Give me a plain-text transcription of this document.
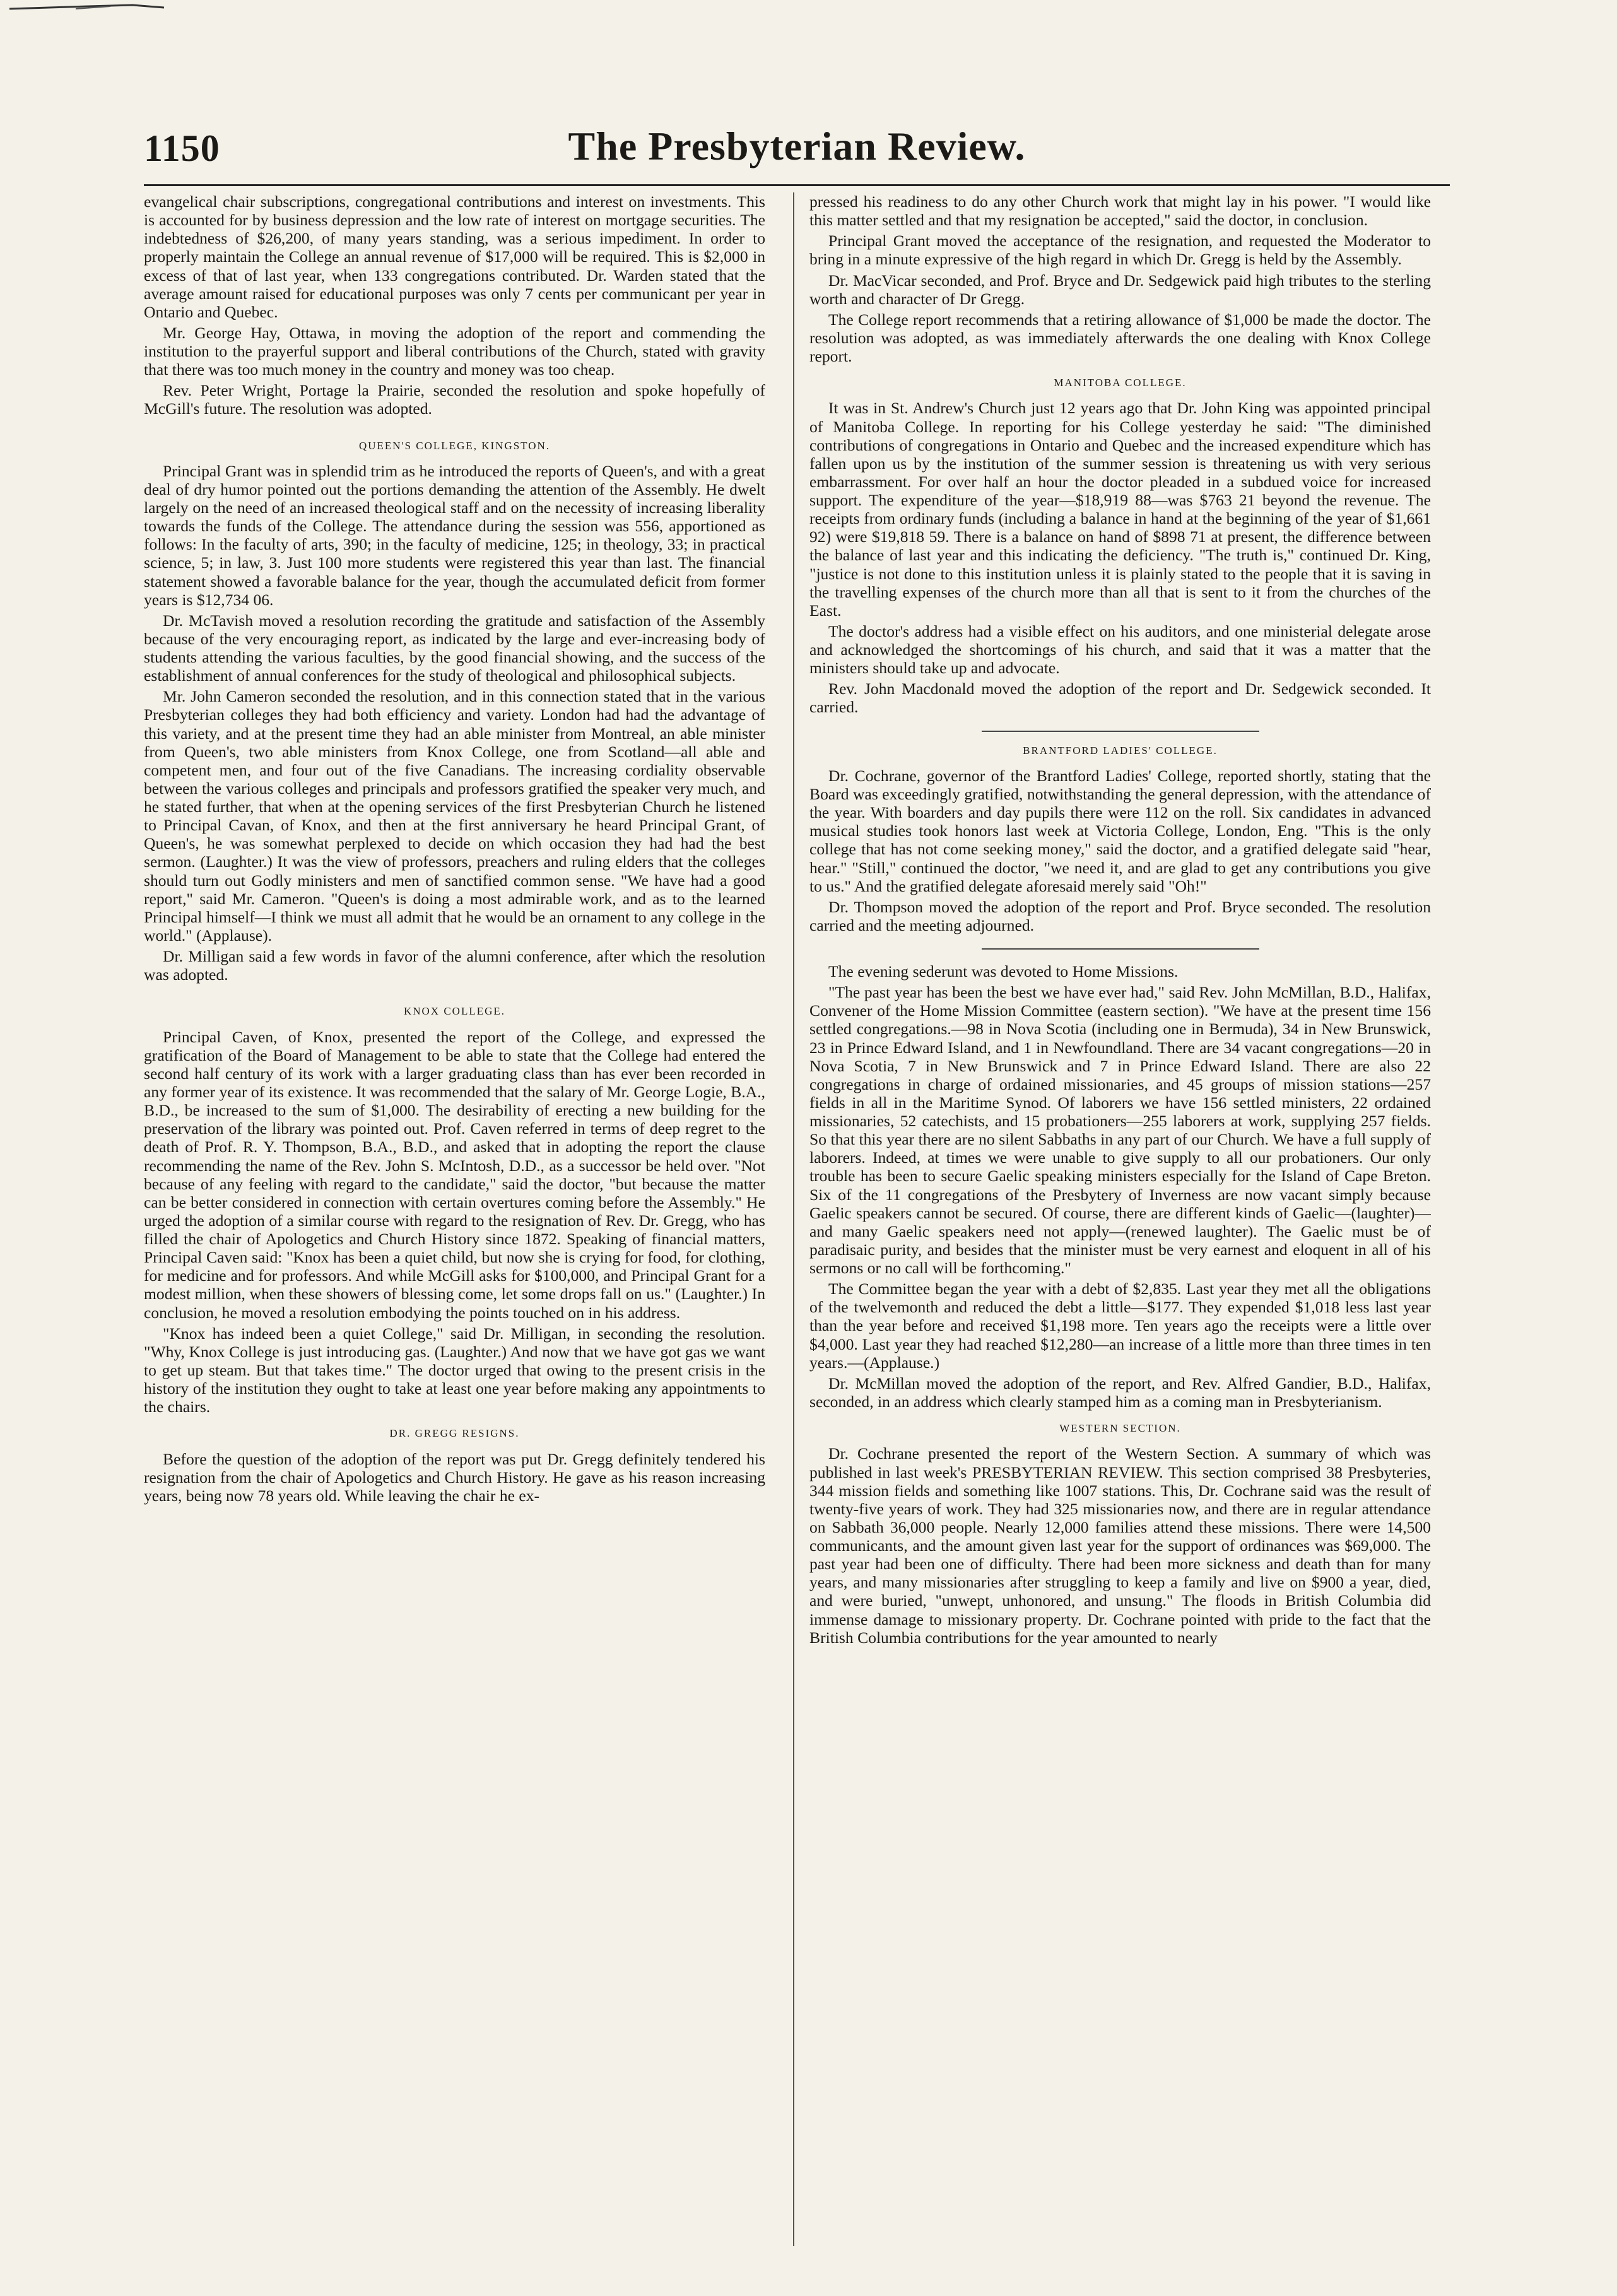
1150	The Presbyterian Review.

evangelical chair subscriptions, congregational contributions and interest on investments. This is accounted for by business depression and the low rate of interest on mortgage securities. The indebtedness of $26,200, of many years standing, was a serious impediment. In order to properly maintain the College an annual revenue of $17,000 will be required. This is $2,000 in excess of that of last year, when 133 congregations contributed. Dr. Warden stated that the average amount raised for educational purposes was only 7 cents per communicant per year in Ontario and Quebec.

Mr. George Hay, Ottawa, in moving the adoption of the report and commending the institution to the prayerful support and liberal contributions of the Church, stated with gravity that there was too much money in the country and money was too cheap.

Rev. Peter Wright, Portage la Prairie, seconded the resolution and spoke hopefully of McGill's future. The resolution was adopted.

QUEEN'S COLLEGE, KINGSTON.

Principal Grant was in splendid trim as he introduced the reports of Queen's, and with a great deal of dry humor pointed out the portions demanding the attention of the Assembly. He dwelt largely on the need of an increased theological staff and on the necessity of increasing liberality towards the funds of the College. The attendance during the session was 556, apportioned as follows: In the faculty of arts, 390; in the faculty of medicine, 125; in theology, 33; in practical science, 5; in law, 3. Just 100 more students were registered this year than last. The financial statement showed a favorable balance for the year, though the accumulated deficit from former years is $12,734 06.

Dr. McTavish moved a resolution recording the gratitude and satisfaction of the Assembly because of the very encouraging report, as indicated by the large and ever-increasing body of students attending the various faculties, by the good financial showing, and the success of the establishment of annual conferences for the study of theological and philosophical subjects.

Mr. John Cameron seconded the resolution, and in this connection stated that in the various Presbyterian colleges they had both efficiency and variety. London had had the advantage of this variety, and at the present time they had an able minister from Montreal, an able minister from Queen's, two able ministers from Knox College, one from Scotland—all able and competent men, and four out of the five Canadians. The increasing cordiality observable between the various colleges and principals and professors gratified the speaker very much, and he stated further, that when at the opening services of the first Presbyterian Church he listened to Principal Cavan, of Knox, and then at the first anniversary he heard Principal Grant, of Queen's, he was somewhat perplexed to decide on which occasion they had had the best sermon. (Laughter.) It was the view of professors, preachers and ruling elders that the colleges should turn out Godly ministers and men of sanctified common sense. "We have had a good report," said Mr. Cameron. "Queen's is doing a most admirable work, and as to the learned Principal himself—I think we must all admit that he would be an ornament to any college in the world." (Applause).

Dr. Milligan said a few words in favor of the alumni conference, after which the resolution was adopted.

KNOX COLLEGE.

Principal Caven, of Knox, presented the report of the College, and expressed the gratification of the Board of Management to be able to state that the College had entered the second half century of its work with a larger graduating class than has ever been recorded in any former year of its existence. It was recommended that the salary of Mr. George Logie, B.A., B.D., be increased to the sum of $1,000. The desirability of erecting a new building for the preservation of the library was pointed out. Prof. Caven referred in terms of deep regret to the death of Prof. R. Y. Thompson, B.A., B.D., and asked that in adopting the report the clause recommending the name of the Rev. John S. McIntosh, D.D., as a successor be held over. "Not because of any feeling with regard to the candidate," said the doctor, "but because the matter can be better considered in connection with certain overtures coming before the Assembly." He urged the adoption of a similar course with regard to the resignation of Rev. Dr. Gregg, who has filled the chair of Apologetics and Church History since 1872. Speaking of financial matters, Principal Caven said: "Knox has been a quiet child, but now she is crying for food, for clothing, for medicine and for professors. And while McGill asks for $100,000, and Principal Grant for a modest million, when these showers of blessing come, let some drops fall on us." (Laughter.) In conclusion, he moved a resolution embodying the points touched on in his address.

"Knox has indeed been a quiet College," said Dr. Milligan, in seconding the resolution. "Why, Knox College is just introducing gas. (Laughter.) And now that we have got gas we want to get up steam. But that takes time." The doctor urged that owing to the present crisis in the history of the institution they ought to take at least one year before making any appointments to the chairs.

DR. GREGG RESIGNS.

Before the question of the adoption of the report was put Dr. Gregg definitely tendered his resignation from the chair of Apologetics and Church History. He gave as his reason increasing years, being now 78 years old. While leaving the chair he ex-

pressed his readiness to do any other Church work that might lay in his power. "I would like this matter settled and that my resignation be accepted," said the doctor, in conclusion.

Principal Grant moved the acceptance of the resignation, and requested the Moderator to bring in a minute expressive of the high regard in which Dr. Gregg is held by the Assembly.

Dr. MacVicar seconded, and Prof. Bryce and Dr. Sedgewick paid high tributes to the sterling worth and character of Dr Gregg.

The College report recommends that a retiring allowance of $1,000 be made the doctor. The resolution was adopted, as was immediately afterwards the one dealing with Knox College report.

MANITOBA COLLEGE.

It was in St. Andrew's Church just 12 years ago that Dr. John King was appointed principal of Manitoba College. In reporting for his College yesterday he said: "The diminished contributions of congregations in Ontario and Quebec and the increased expenditure which has fallen upon us by the institution of the summer session is threatening us with very serious embarrassment. For over half an hour the doctor pleaded in a subdued voice for increased support. The expenditure of the year—$18,919 88—was $763 21 beyond the revenue. The receipts from ordinary funds (including a balance in hand at the beginning of the year of $1,661 92) were $19,818 59. There is a balance on hand of $898 71 at present, the difference between the balance of last year and this indicating the deficiency. "The truth is," continued Dr. King, "justice is not done to this institution unless it is plainly stated to the people that it is saving in the travelling expenses of the church more than all that is sent to it from the churches of the East.

The doctor's address had a visible effect on his auditors, and one ministerial delegate arose and acknowledged the shortcomings of his church, and said that it was a matter that the ministers should take up and advocate.

Rev. John Macdonald moved the adoption of the report and Dr. Sedgewick seconded. It carried.

BRANTFORD LADIES' COLLEGE.

Dr. Cochrane, governor of the Brantford Ladies' College, reported shortly, stating that the Board was exceedingly gratified, notwithstanding the general depression, with the attendance of the year. With boarders and day pupils there were 112 on the roll. Six candidates in advanced musical studies took honors last week at Victoria College, London, Eng. "This is the only college that has not come seeking money," said the doctor, and a gratified delegate said "hear, hear." "Still," continued the doctor, "we need it, and are glad to get any contributions you give to us." And the gratified delegate aforesaid merely said "Oh!"

Dr. Thompson moved the adoption of the report and Prof. Bryce seconded. The resolution carried and the meeting adjourned.

The evening sederunt was devoted to Home Missions.

"The past year has been the best we have ever had," said Rev. John McMillan, B.D., Halifax, Convener of the Home Mission Committee (eastern section). "We have at the present time 156 settled congregations.—98 in Nova Scotia (including one in Bermuda), 34 in New Brunswick, 23 in Prince Edward Island, and 1 in Newfoundland. There are 34 vacant congregations—20 in Nova Scotia, 7 in New Brunswick and 7 in Prince Edward Island. There are also 22 congregations in charge of ordained missionaries, and 45 groups of mission stations—257 fields in all in the Maritime Synod. Of laborers we have 156 settled ministers, 22 ordained missionaries, 52 catechists, and 15 probationers—255 laborers at work, supplying 257 fields. So that this year there are no silent Sabbaths in any part of our Church. We have a full supply of laborers. Indeed, at times we were unable to give supply to all our probationers. Our only trouble has been to secure Gaelic speaking ministers especially for the Island of Cape Breton. Six of the 11 congregations of the Presbytery of Inverness are now vacant simply because Gaelic speakers cannot be secured. Of course, there are different kinds of Gaelic—(laughter)—and many Gaelic speakers need not apply—(renewed laughter). The Gaelic must be of paradisaic purity, and besides that the minister must be very earnest and eloquent in all of his sermons or no call will be forthcoming."

The Committee began the year with a debt of $2,835. Last year they met all the obligations of the twelvemonth and reduced the debt a little—$177. They expended $1,018 less last year than the year before and received $1,198 more. Ten years ago the receipts were a little over $4,000. Last year they had reached $12,280—an increase of a little more than three times in ten years.—(Applause.)

Dr. McMillan moved the adoption of the report, and Rev. Alfred Gandier, B.D., Halifax, seconded, in an address which clearly stamped him as a coming man in Presbyterianism.

WESTERN SECTION.

Dr. Cochrane presented the report of the Western Section. A summary of which was published in last week's PRESBYTERIAN REVIEW. This section comprised 38 Presbyteries, 344 mission fields and something like 1007 stations. This, Dr. Cochrane said was the result of twenty-five years of work. They had 325 missionaries now, and there are in regular attendance on Sabbath 36,000 people. Nearly 12,000 families attend these missions. There were 14,500 communicants, and the amount given last year for the support of ordinances was $69,000. The past year had been one of difficulty. There had been more sickness and death than for many years, and many missionaries after struggling to keep a family and live on $900 a year, died, and were buried, "unwept, unhonored, and unsung." The floods in British Columbia did immense damage to missionary property. Dr. Cochrane pointed with pride to the fact that the British Columbia contributions for the year amounted to nearly
